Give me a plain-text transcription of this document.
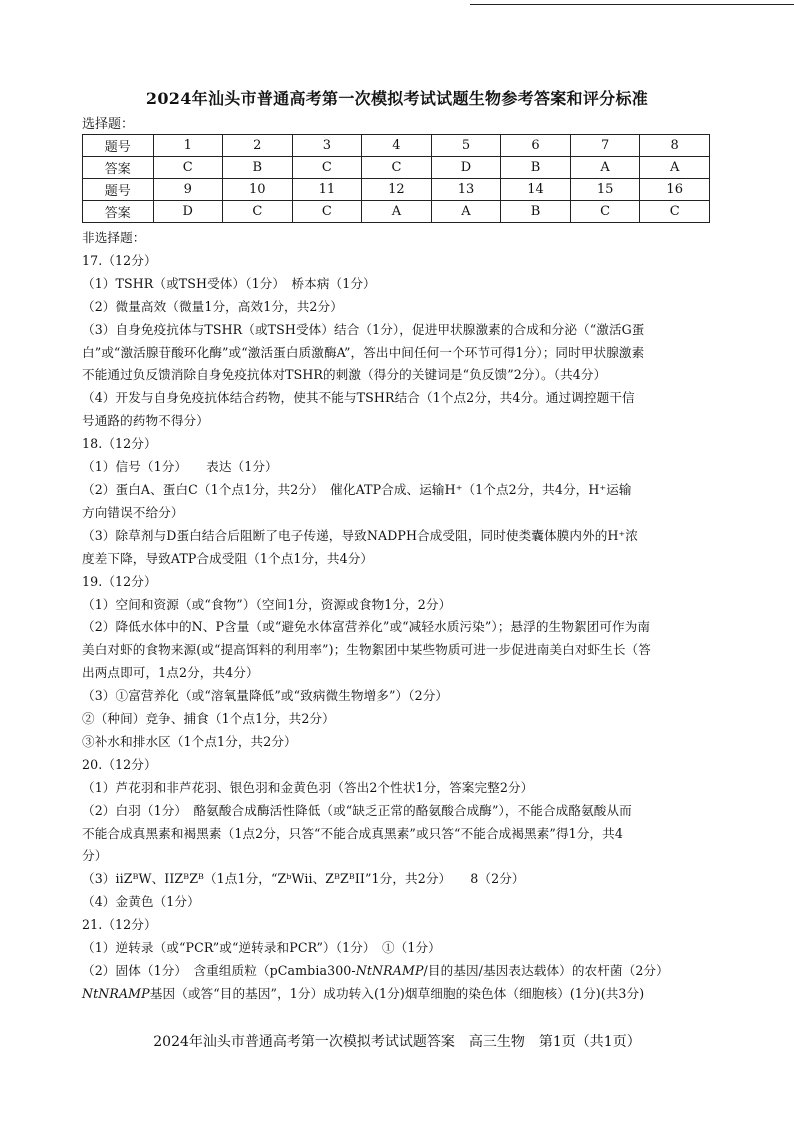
2024年汕头市普通高考第一次模拟考试试题生物参考答案和评分标准
选择题：
题号	1	2	3	4	5	6	7	8
答案	C	B	C	C	D	B	A	A
题号	9	10	11	12	13	14	15	16
答案	D	C	C	A	A	B	C	C
非选择题：
17.（12分）
（1）TSHR（或TSH受体）（1分）　桥本病（1分）
（2）微量高效（微量1分，高效1分，共2分）
（3）自身免疫抗体与TSHR（或TSH受体）结合（1分），促进甲状腺激素的合成和分泌（“激活G蛋
白”或“激活腺苷酸环化酶”或“激活蛋白质激酶A”，答出中间任何一个环节可得1分）；同时甲状腺激素
不能通过负反馈消除自身免疫抗体对TSHR的刺激（得分的关键词是“负反馈”2分）。（共4分）
（4）开发与自身免疫抗体结合药物，使其不能与TSHR结合（1个点2分，共4分。通过调控题干信
号通路的药物不得分）
18.（12分）
（1）信号（1分）　　表达（1分）
（2）蛋白A、蛋白C（1个点1分，共2分）　催化ATP合成、运输H⁺（1个点2分，共4分，H⁺运输
方向错误不给分）
（3）除草剂与D蛋白结合后阻断了电子传递，导致NADPH合成受阻，同时使类囊体膜内外的H⁺浓
度差下降，导致ATP合成受阻（1个点1分，共4分）
19.（12分）
（1）空间和资源（或“食物”）（空间1分，资源或食物1分，2分）
（2）降低水体中的N、P含量（或“避免水体富营养化”或“减轻水质污染”）；悬浮的生物絮团可作为南
美白对虾的食物来源(或“提高饵料的利用率”)；生物絮团中某些物质可进一步促进南美白对虾生长（答
出两点即可，1点2分，共4分）
（3）①富营养化（或“溶氧量降低”或“致病微生物增多”）（2分）
②（种间）竞争、捕食（1个点1分，共2分）
③补水和排水区（1个点1分，共2分）
20.（12分）
（1）芦花羽和非芦花羽、银色羽和金黄色羽（答出2个性状1分，答案完整2分）
（2）白羽（1分）　酪氨酸合成酶活性降低（或“缺乏正常的酪氨酸合成酶”），不能合成酪氨酸从而
不能合成真黑素和褐黑素（1点2分，只答“不能合成真黑素”或只答“不能合成褐黑素”得1分，共4
分）
（3）iiZᴮW、IIZᴮZᴮ（1点1分，“ZᵇWii、ZᴮZᴮII”1分，共2分）　　8（2分）
（4）金黄色（1分）
21.（12分）
（1）逆转录（或“PCR”或“逆转录和PCR”）（1分）　①（1分）
（2）固体（1分）　含重组质粒（pCambia300-NtNRAMP/目的基因/基因表达载体）的农杆菌（2分）
NtNRAMP基因（或答“目的基因”，1分）成功转入(1分)烟草细胞的染色体（细胞核）(1分)(共3分)
2024年汕头市普通高考第一次模拟考试试题答案　高三生物　第1页（共1页）
